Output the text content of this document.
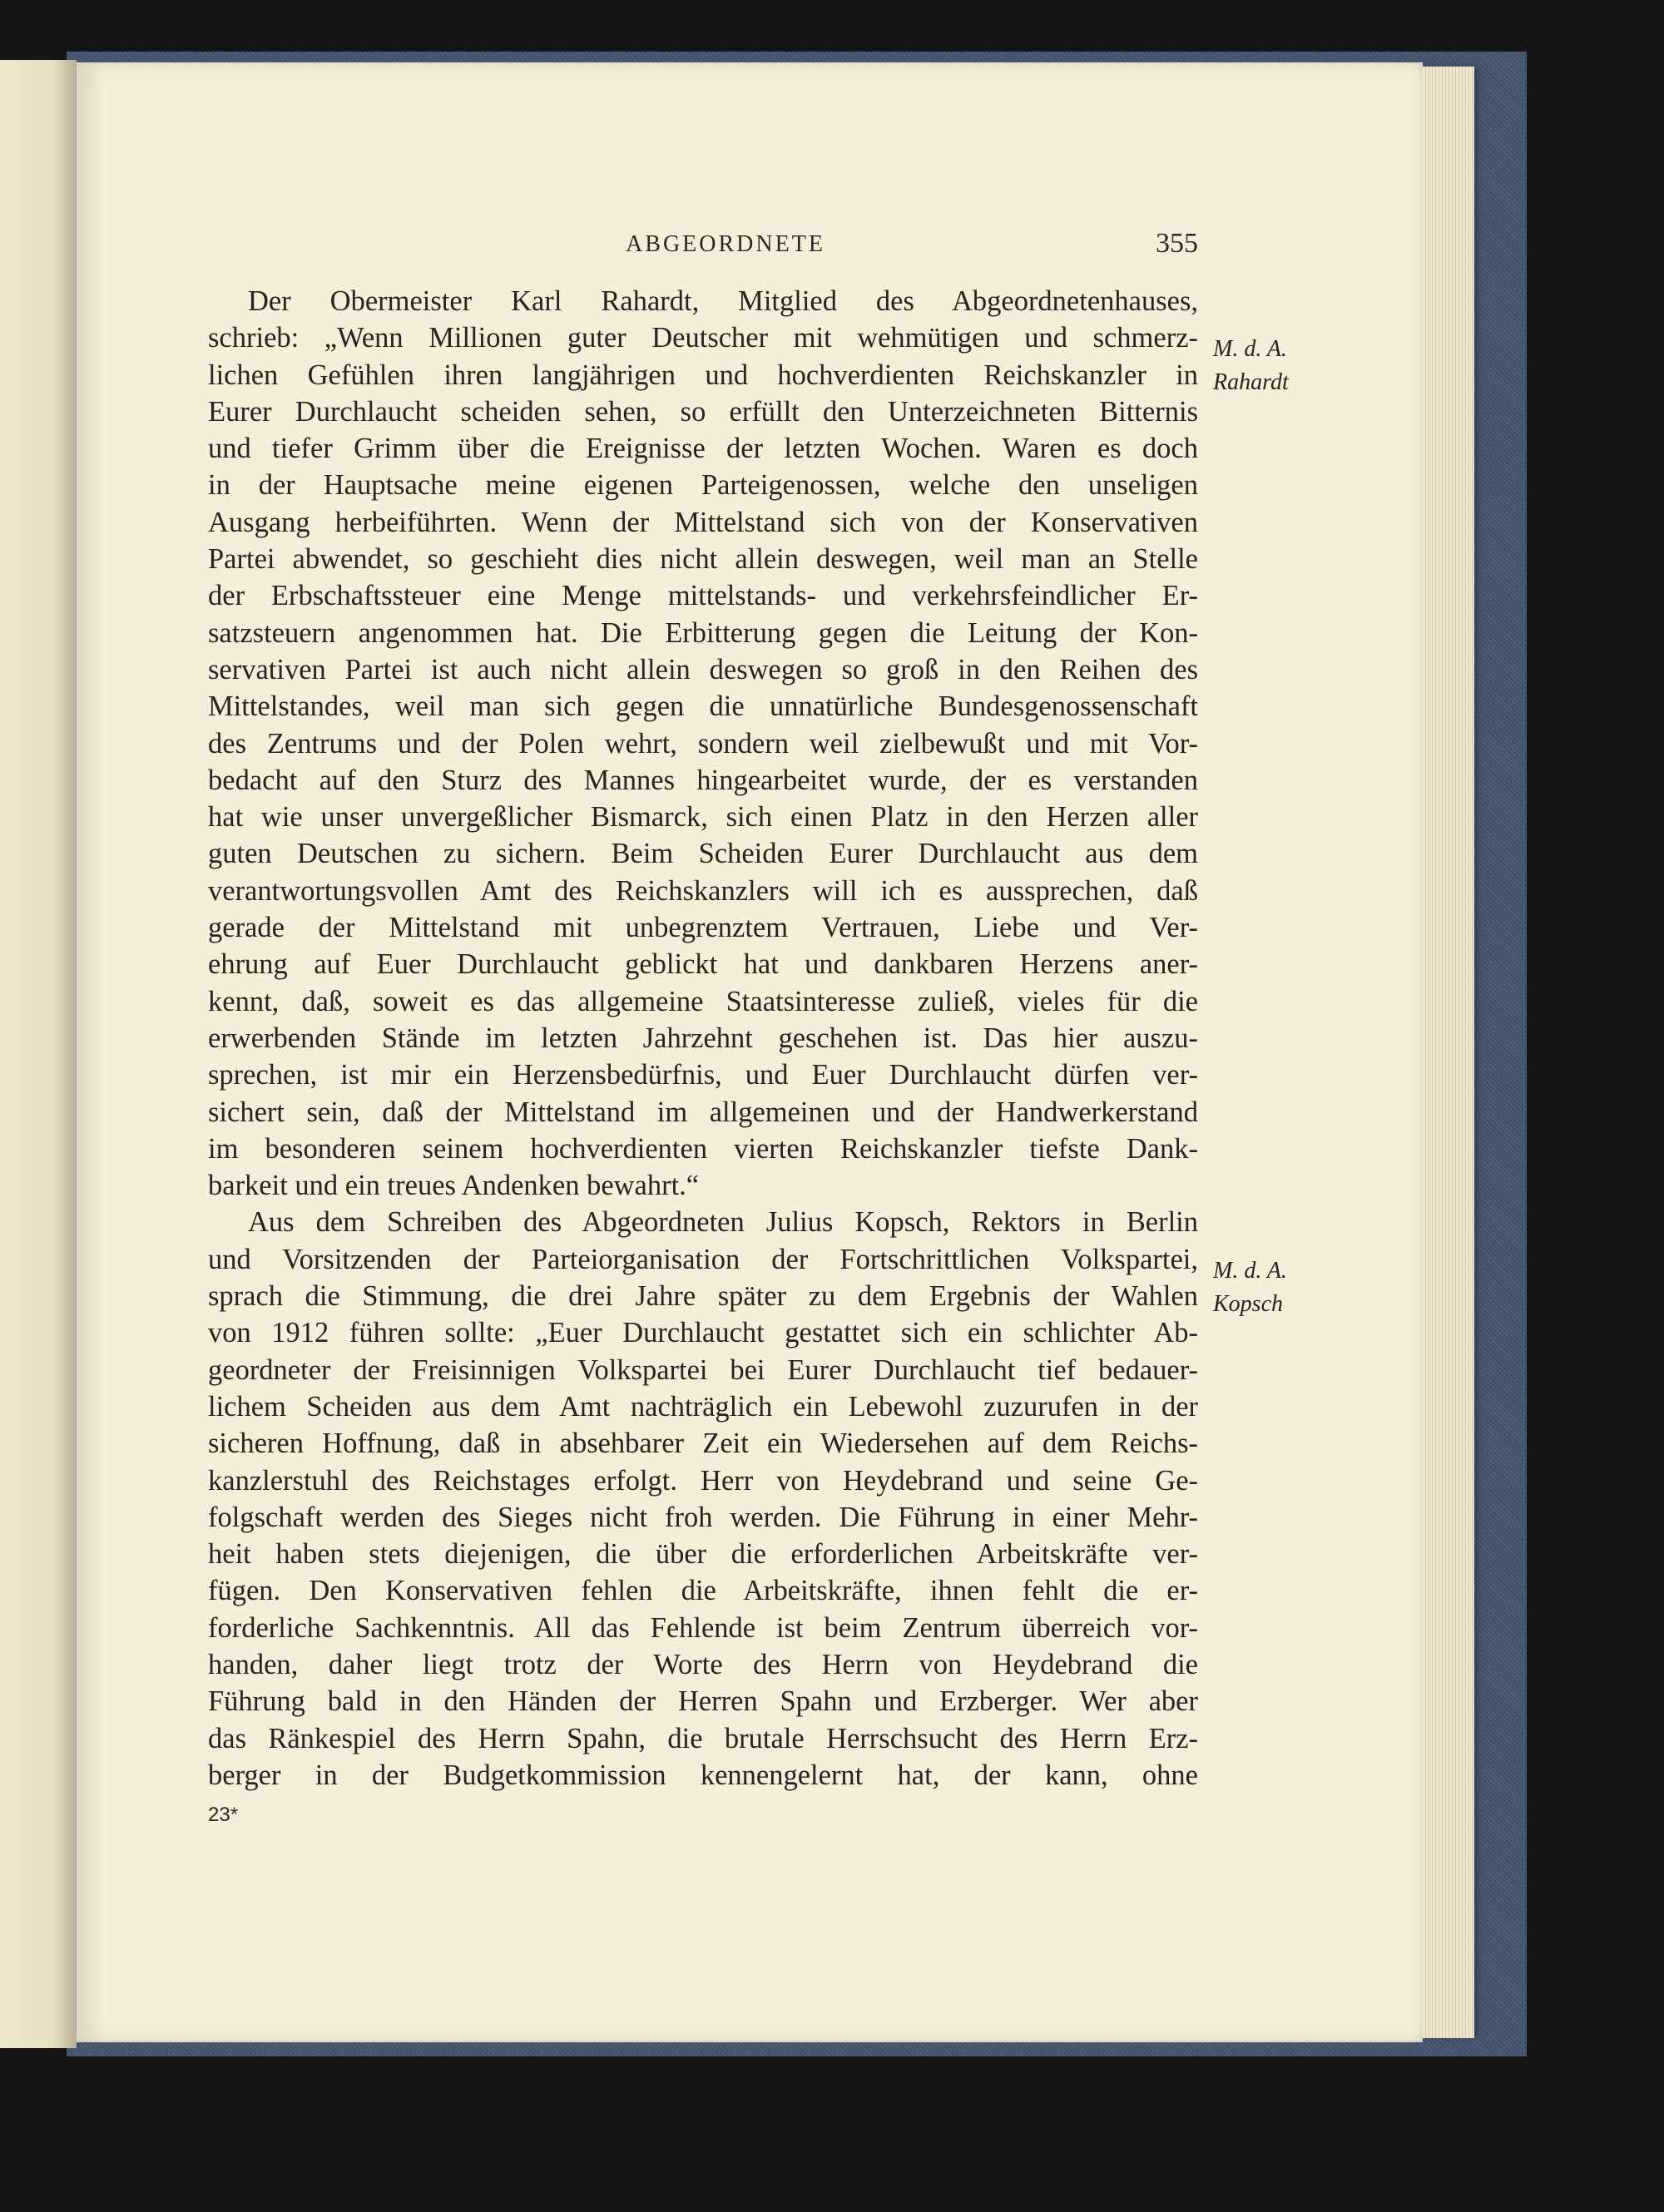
ABGEORDNETE	355
Der Obermeister Karl Rahardt, Mitglied des Abgeordnetenhauses,
schrieb: „Wenn Millionen guter Deutscher mit wehmütigen und schmerz-
lichen Gefühlen ihren langjährigen und hochverdienten Reichskanzler in
Eurer Durchlaucht scheiden sehen, so erfüllt den Unterzeichneten Bitternis
und tiefer Grimm über die Ereignisse der letzten Wochen. Waren es doch
in der Hauptsache meine eigenen Parteigenossen, welche den unseligen
Ausgang herbeiführten. Wenn der Mittelstand sich von der Konservativen
Partei abwendet, so geschieht dies nicht allein deswegen, weil man an Stelle
der Erbschaftssteuer eine Menge mittelstands- und verkehrsfeindlicher Er-
satzsteuern angenommen hat. Die Erbitterung gegen die Leitung der Kon-
servativen Partei ist auch nicht allein deswegen so groß in den Reihen des
Mittelstandes, weil man sich gegen die unnatürliche Bundesgenossenschaft
des Zentrums und der Polen wehrt, sondern weil zielbewußt und mit Vor-
bedacht auf den Sturz des Mannes hingearbeitet wurde, der es verstanden
hat wie unser unvergeßlicher Bismarck, sich einen Platz in den Herzen aller
guten Deutschen zu sichern. Beim Scheiden Eurer Durchlaucht aus dem
verantwortungsvollen Amt des Reichskanzlers will ich es aussprechen, daß
gerade der Mittelstand mit unbegrenztem Vertrauen, Liebe und Ver-
ehrung auf Euer Durchlaucht geblickt hat und dankbaren Herzens aner-
kennt, daß, soweit es das allgemeine Staatsinteresse zuließ, vieles für die
erwerbenden Stände im letzten Jahrzehnt geschehen ist. Das hier auszu-
sprechen, ist mir ein Herzensbedürfnis, und Euer Durchlaucht dürfen ver-
sichert sein, daß der Mittelstand im allgemeinen und der Handwerkerstand
im besonderen seinem hochverdienten vierten Reichskanzler tiefste Dank-
barkeit und ein treues Andenken bewahrt.“
Aus dem Schreiben des Abgeordneten Julius Kopsch, Rektors in Berlin
und Vorsitzenden der Parteiorganisation der Fortschrittlichen Volkspartei,
sprach die Stimmung, die drei Jahre später zu dem Ergebnis der Wahlen
von 1912 führen sollte: „Euer Durchlaucht gestattet sich ein schlichter Ab-
geordneter der Freisinnigen Volkspartei bei Eurer Durchlaucht tief bedauer-
lichem Scheiden aus dem Amt nachträglich ein Lebewohl zuzurufen in der
sicheren Hoffnung, daß in absehbarer Zeit ein Wiedersehen auf dem Reichs-
kanzlerstuhl des Reichstages erfolgt. Herr von Heydebrand und seine Ge-
folgschaft werden des Sieges nicht froh werden. Die Führung in einer Mehr-
heit haben stets diejenigen, die über die erforderlichen Arbeitskräfte ver-
fügen. Den Konservativen fehlen die Arbeitskräfte, ihnen fehlt die er-
forderliche Sachkenntnis. All das Fehlende ist beim Zentrum überreich vor-
handen, daher liegt trotz der Worte des Herrn von Heydebrand die
Führung bald in den Händen der Herren Spahn und Erzberger. Wer aber
das Ränkespiel des Herrn Spahn, die brutale Herrschsucht des Herrn Erz-
berger in der Budgetkommission kennengelernt hat, der kann, ohne
M. d. A.
Rahardt
M. d. A.
Kopsch
23*
